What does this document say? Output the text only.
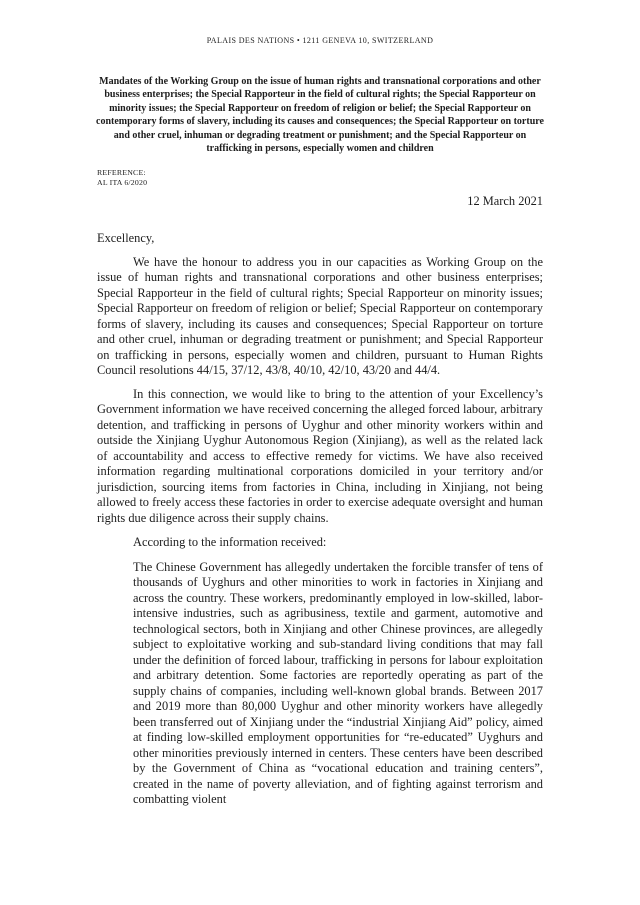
PALAIS DES NATIONS • 1211 GENEVA 10, SWITZERLAND

Mandates of the Working Group on the issue of human rights and transnational corporations and other business enterprises; the Special Rapporteur in the field of cultural rights; the Special Rapporteur on minority issues; the Special Rapporteur on freedom of religion or belief; the Special Rapporteur on contemporary forms of slavery, including its causes and consequences; the Special Rapporteur on torture and other cruel, inhuman or degrading treatment or punishment; and the Special Rapporteur on trafficking in persons, especially women and children

REFERENCE:
AL ITA 6/2020
12 March 2021

Excellency,

We have the honour to address you in our capacities as Working Group on the issue of human rights and transnational corporations and other business enterprises; Special Rapporteur in the field of cultural rights; Special Rapporteur on minority issues; Special Rapporteur on freedom of religion or belief; Special Rapporteur on contemporary forms of slavery, including its causes and consequences; Special Rapporteur on torture and other cruel, inhuman or degrading treatment or punishment; and Special Rapporteur on trafficking in persons, especially women and children, pursuant to Human Rights Council resolutions 44/15, 37/12, 43/8, 40/10, 42/10, 43/20 and 44/4.

In this connection, we would like to bring to the attention of your Excellency’s Government information we have received concerning the alleged forced labour, arbitrary detention, and trafficking in persons of Uyghur and other minority workers within and outside the Xinjiang Uyghur Autonomous Region (Xinjiang), as well as the related lack of accountability and access to effective remedy for victims. We have also received information regarding multinational corporations domiciled in your territory and/or jurisdiction, sourcing items from factories in China, including in Xinjiang, not being allowed to freely access these factories in order to exercise adequate oversight and human rights due diligence across their supply chains.

According to the information received:

The Chinese Government has allegedly undertaken the forcible transfer of tens of thousands of Uyghurs and other minorities to work in factories in Xinjiang and across the country. These workers, predominantly employed in low-skilled, labor-intensive industries, such as agribusiness, textile and garment, automotive and technological sectors, both in Xinjiang and other Chinese provinces, are allegedly subject to exploitative working and sub-standard living conditions that may fall under the definition of forced labour, trafficking in persons for labour exploitation and arbitrary detention. Some factories are reportedly operating as part of the supply chains of companies, including well-known global brands. Between 2017 and 2019 more than 80,000 Uyghur and other minority workers have allegedly been transferred out of Xinjiang under the “industrial Xinjiang Aid” policy, aimed at finding low-skilled employment opportunities for “re-educated” Uyghurs and other minorities previously interned in centers. These centers have been described by the Government of China as “vocational education and training centers”, created in the name of poverty alleviation, and of fighting against terrorism and combatting violent
